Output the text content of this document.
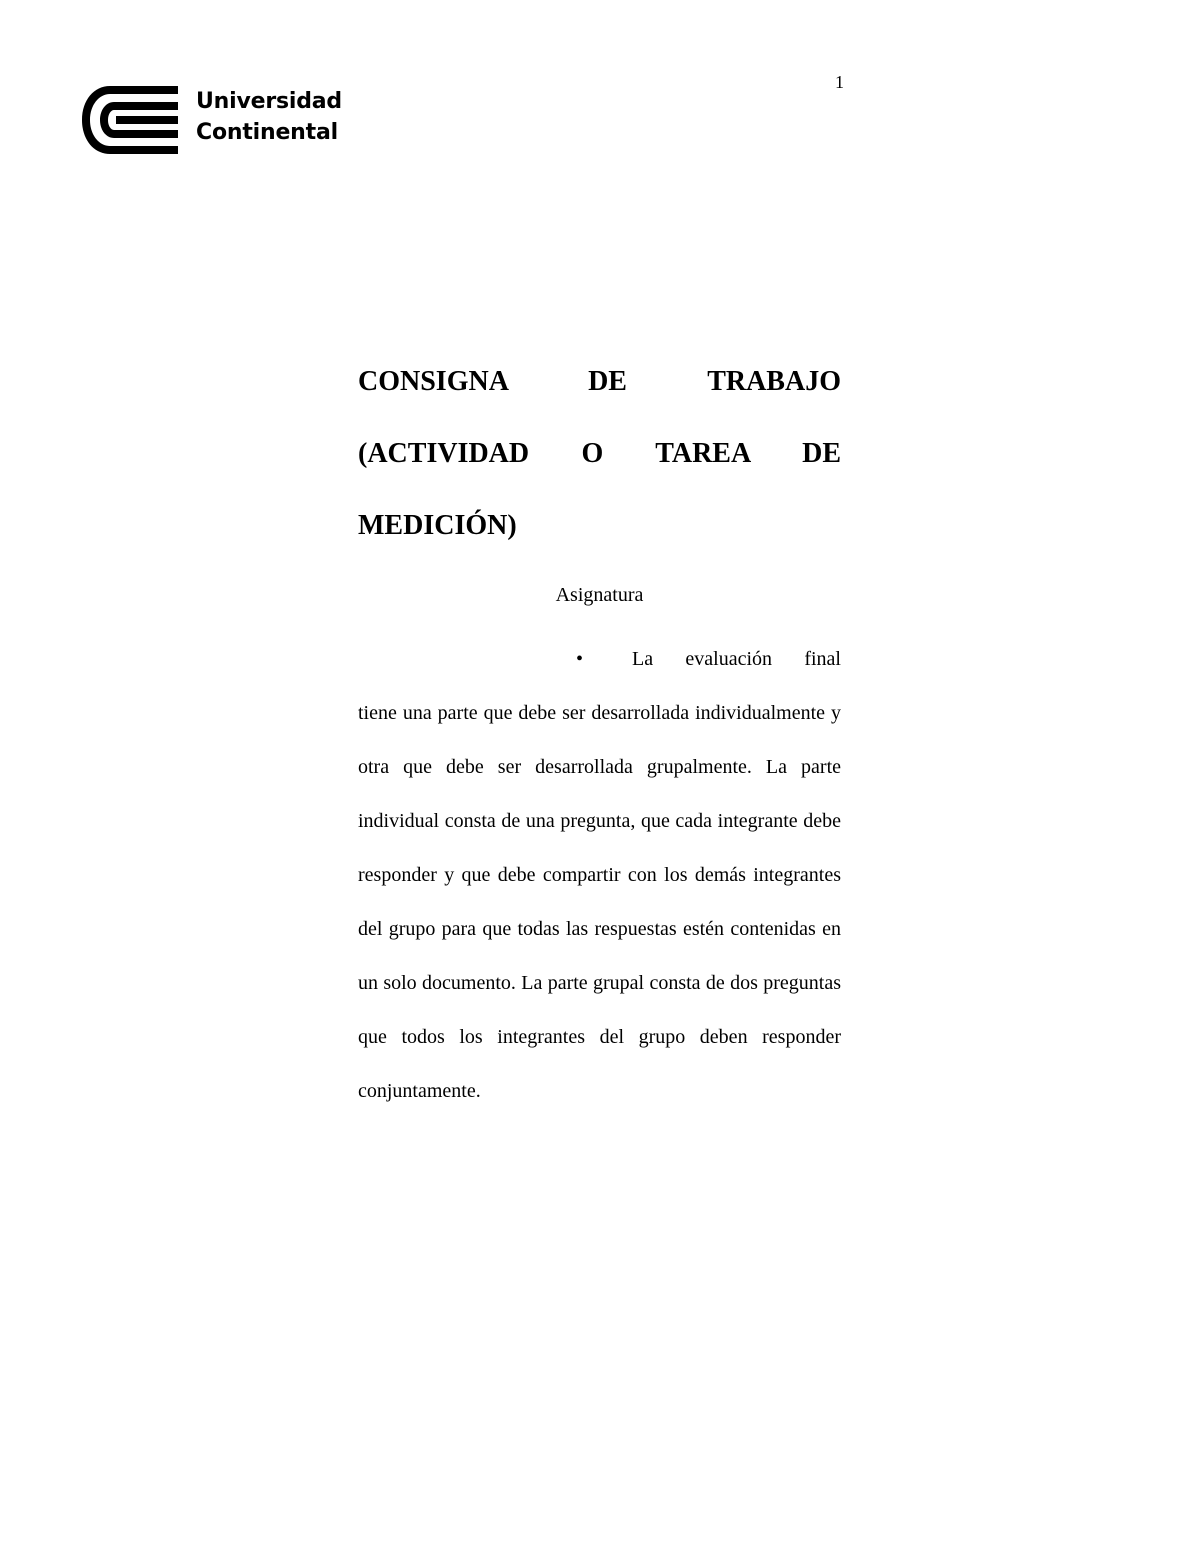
1
Universidad
Continental
CONSIGNA DE TRABAJO
(ACTIVIDAD O TAREA DE
MEDICIÓN)
Asignatura
• La evaluación final
tiene una parte que debe ser desarrollada individualmente y otra que debe ser desarrollada grupalmente. La parte individual consta de una pregunta, que cada integrante debe responder y que debe compartir con los demás integrantes del grupo para que todas las respuestas estén contenidas en un solo documento. La parte grupal consta de dos preguntas que todos los integrantes del grupo deben responder conjuntamente.
